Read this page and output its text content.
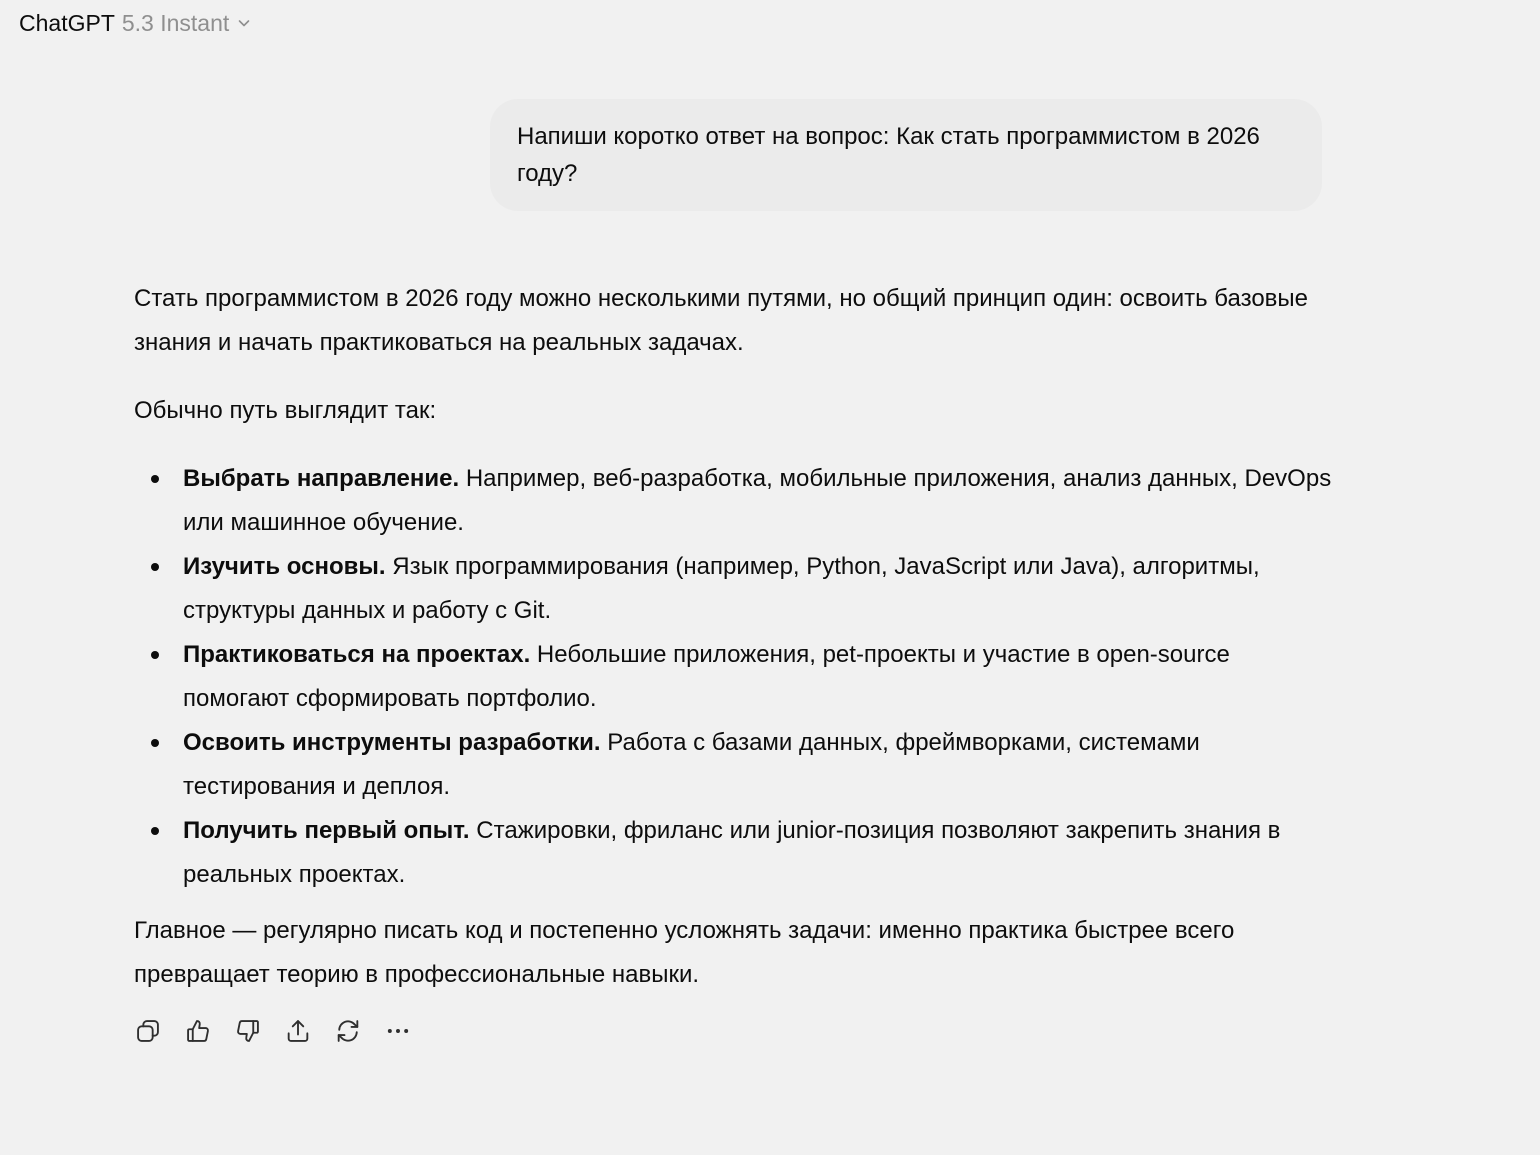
ChatGPT 5.3 Instant
Напиши коротко ответ на вопрос: Как стать программистом в 2026 году?

Стать программистом в 2026 году можно несколькими путями, но общий принцип один: освоить базовые знания и начать практиковаться на реальных задачах.

Обычно путь выглядит так:

Выбрать направление. Например, веб-разработка, мобильные приложения, анализ данных, DevOps или машинное обучение.
Изучить основы. Язык программирования (например, Python, JavaScript или Java), алгоритмы, структуры данных и работу с Git.
Практиковаться на проектах. Небольшие приложения, pet-проекты и участие в open-source помогают сформировать портфолио.
Освоить инструменты разработки. Работа с базами данных, фреймворками, системами тестирования и деплоя.
Получить первый опыт. Стажировки, фриланс или junior-позиция позволяют закрепить знания в реальных проектах.

Главное — регулярно писать код и постепенно усложнять задачи: именно практика быстрее всего превращает теорию в профессиональные навыки.
